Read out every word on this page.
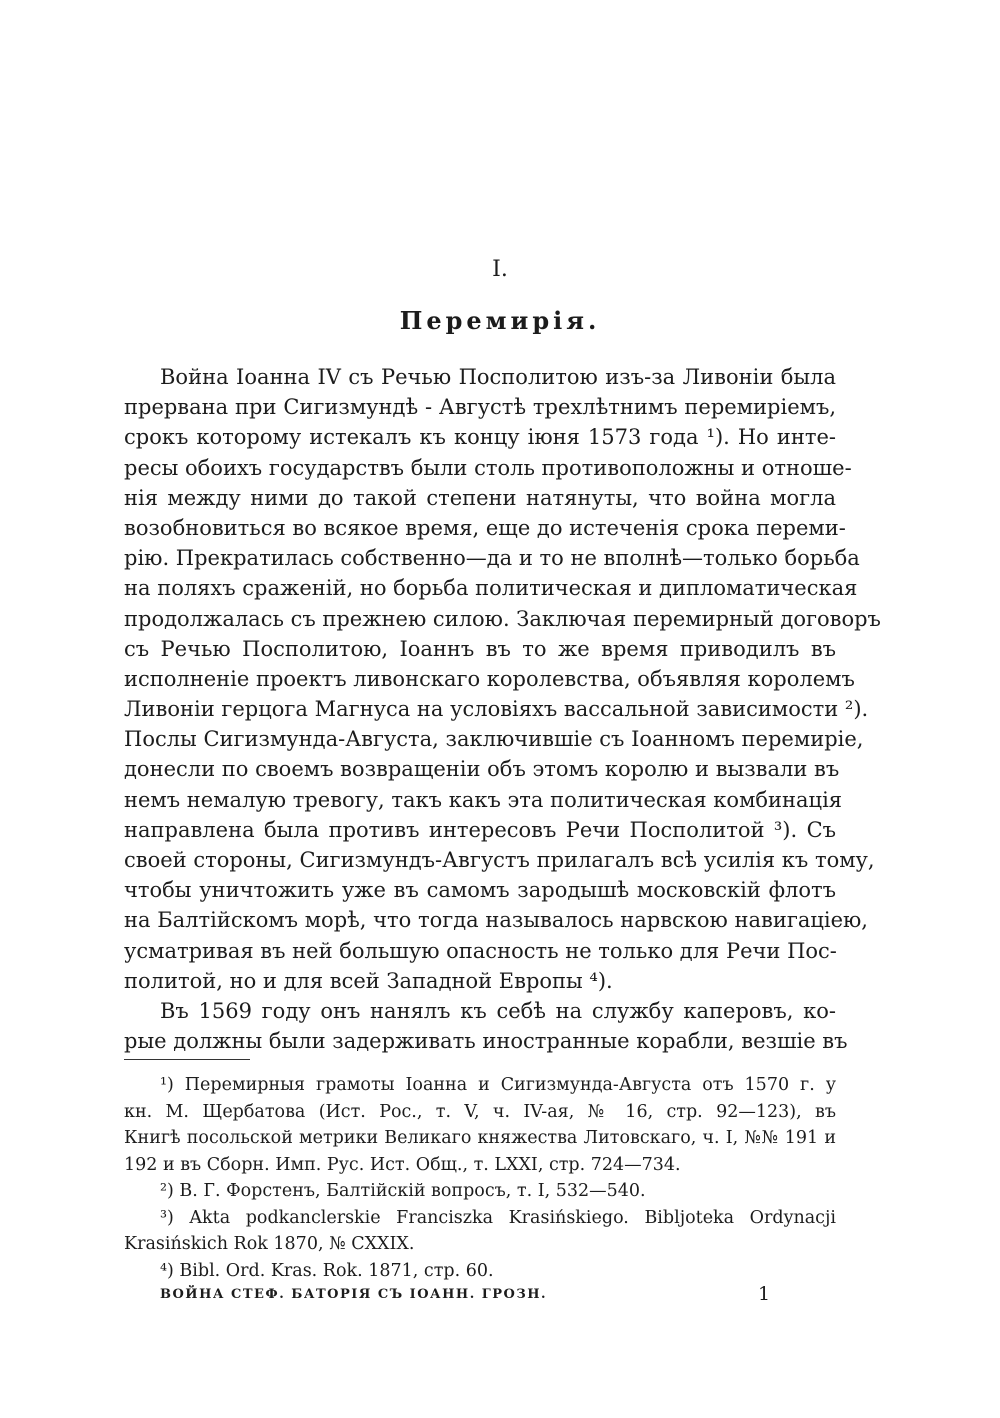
I.
Перемирія.
Война Іоанна IV съ Речью Посполитою изъ-за Ливоніи была
прервана при Сигизмундѣ - Августѣ трехлѣтнимъ перемиріемъ,
срокъ которому истекалъ къ концу іюня 1573 года ¹). Но инте-
ресы обоихъ государствъ были столь противоположны и отноше-
нія между ними до такой степени натянуты, что война могла
возобновиться во всякое время, еще до истеченія срока переми-
рію. Прекратилась собственно—да и то не вполнѣ—только борьба
на поляхъ сраженій, но борьба политическая и дипломатическая
продолжалась съ прежнею силою. Заключая перемирный договоръ
съ Речью Посполитою, Іоаннъ въ то же время приводилъ въ
исполненіе проектъ ливонскаго королевства, объявляя королемъ
Ливоніи герцога Магнуса на условіяхъ вассальной зависимости ²).
Послы Сигизмунда-Августа, заключившіе съ Іоанномъ перемиріе,
донесли по своемъ возвращеніи объ этомъ королю и вызвали въ
немъ немалую тревогу, такъ какъ эта политическая комбинація
направлена была противъ интересовъ Речи Посполитой ³). Съ
своей стороны, Сигизмундъ-Августъ прилагалъ всѣ усилія къ тому,
чтобы уничтожить уже въ самомъ зародышѣ московскій флотъ
на Балтійскомъ морѣ, что тогда называлось нарвскою навигаціею,
усматривая въ ней большую опасность не только для Речи Пос-
политой, но и для всей Западной Европы ⁴).
Въ 1569 году онъ нанялъ къ себѣ на службу каперовъ, ко-
рые должны были задерживать иностранные корабли, везшіе въ
¹) Перемирныя грамоты Іоанна и Сигизмунда-Августа отъ 1570 г. у
кн. М. Щербатова (Ист. Рос., т. V, ч. IV-ая, № 16, стр. 92—123), въ
Книгѣ посольской метрики Великаго княжества Литовскаго, ч. I, №№ 191 и
192 и въ Сборн. Имп. Рус. Ист. Общ., т. LXXI, стр. 724—734.
²) В. Г. Форстенъ, Балтійскій вопросъ, т. I, 532—540.
³) Akta podkanclerskie Franciszka Krasińskiego. Bibljoteka Ordynacji
Krasińskich Rok 1870, № CXXIX.
⁴) Bibl. Ord. Kras. Rok. 1871, стр. 60.
ВОЙНА СТЕФ. БАТОРІЯ СЪ ІОАНН. ГРОЗН.	1
